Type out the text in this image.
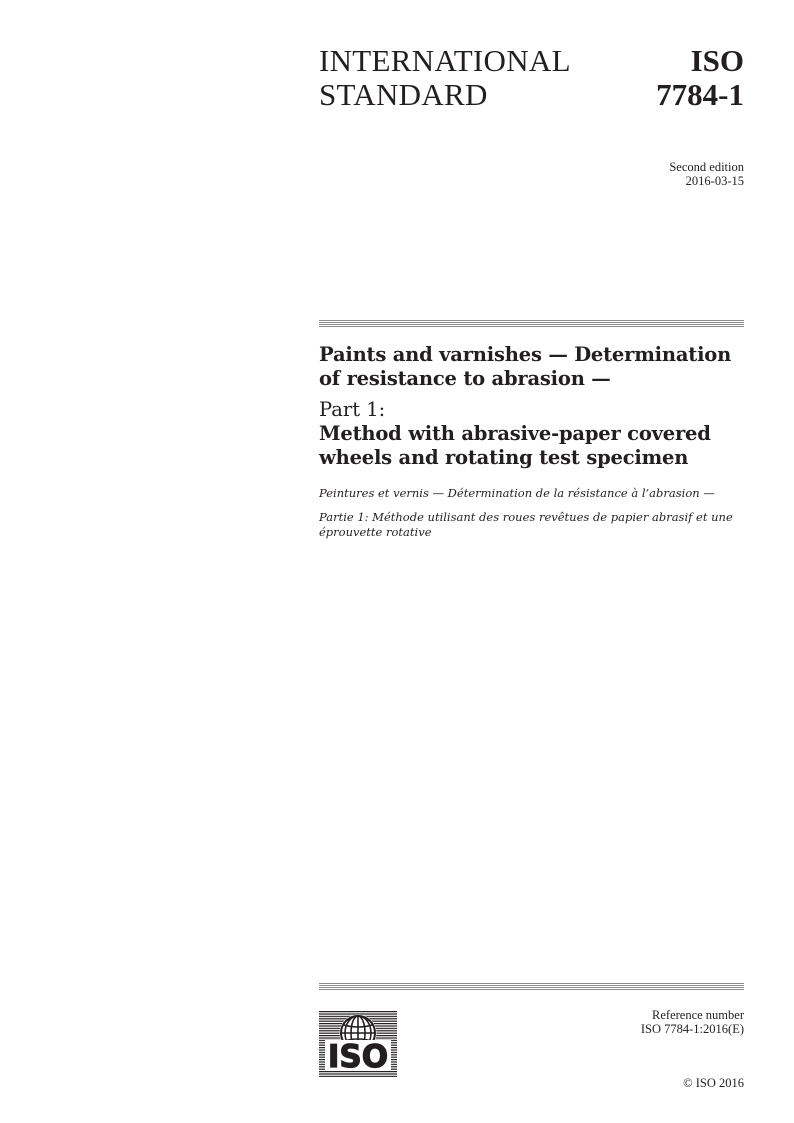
INTERNATIONAL
STANDARD
ISO
7784-1
Second edition
2016-03-15
Paints and varnishes — Determination
of resistance to abrasion —
Part 1:
Method with abrasive-paper covered
wheels and rotating test specimen

Peintures et vernis — Détermination de la résistance à l’abrasion —

Partie 1: Méthode utilisant des roues revêtues de papier abrasif et une
éprouvette rotative

ISO
Reference number
ISO 7784-1:2016(E)
© ISO 2016
